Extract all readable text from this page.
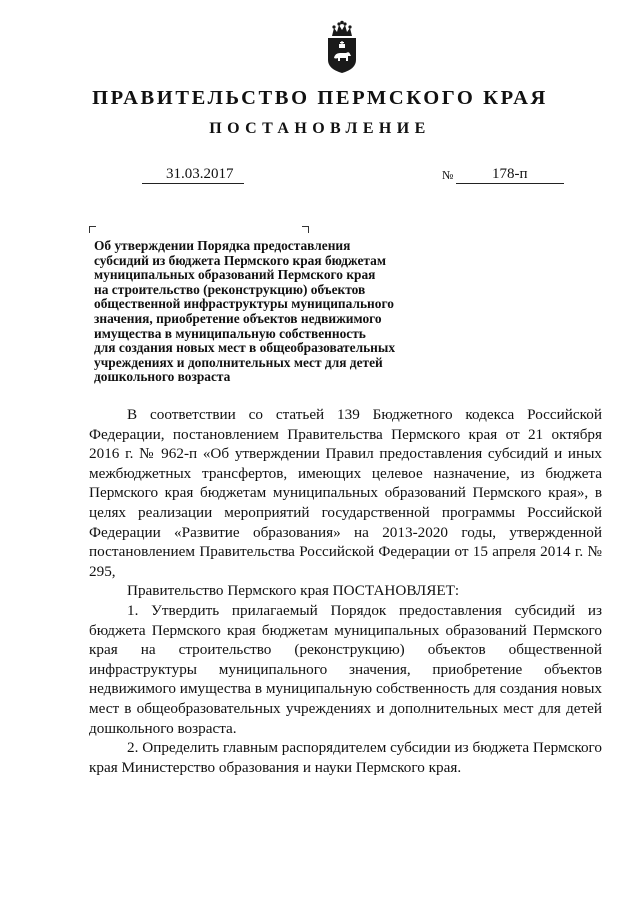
ПРАВИТЕЛЬСТВО ПЕРМСКОГО КРАЯ
ПОСТАНОВЛЕНИЕ
31.03.2017	№	178-п
Об утверждении Порядка предоставления
субсидий из бюджета Пермского края бюджетам
муниципальных образований Пермского края
на строительство (реконструкцию) объектов
общественной инфраструктуры муниципального
значения, приобретение объектов недвижимого
имущества в муниципальную собственность
для создания новых мест в общеобразовательных
учреждениях и дополнительных мест для детей
дошкольного возраста

В соответствии со статьей 139 Бюджетного кодекса Российской Федерации, постановлением Правительства Пермского края от 21 октября 2016 г. № 962-п «Об утверждении Правил предоставления субсидий и иных межбюджетных трансфертов, имеющих целевое назначение, из бюджета Пермского края бюджетам муниципальных образований Пермского края», в целях реализации мероприятий государственной программы Российской Федерации «Развитие образования» на 2013-2020 годы, утвержденной постановлением Правительства Российской Федерации от 15 апреля 2014 г. № 295,

Правительство Пермского края ПОСТАНОВЛЯЕТ:

1. Утвердить прилагаемый Порядок предоставления субсидий из бюджета Пермского края бюджетам муниципальных образований Пермского края на строительство (реконструкцию) объектов общественной инфраструктуры муниципального значения, приобретение объектов недвижимого имущества в муниципальную собственность для создания новых мест в общеобразовательных учреждениях и дополнительных мест для детей дошкольного возраста.

2. Определить главным распорядителем субсидии из бюджета Пермского края Министерство образования и науки Пермского края.
